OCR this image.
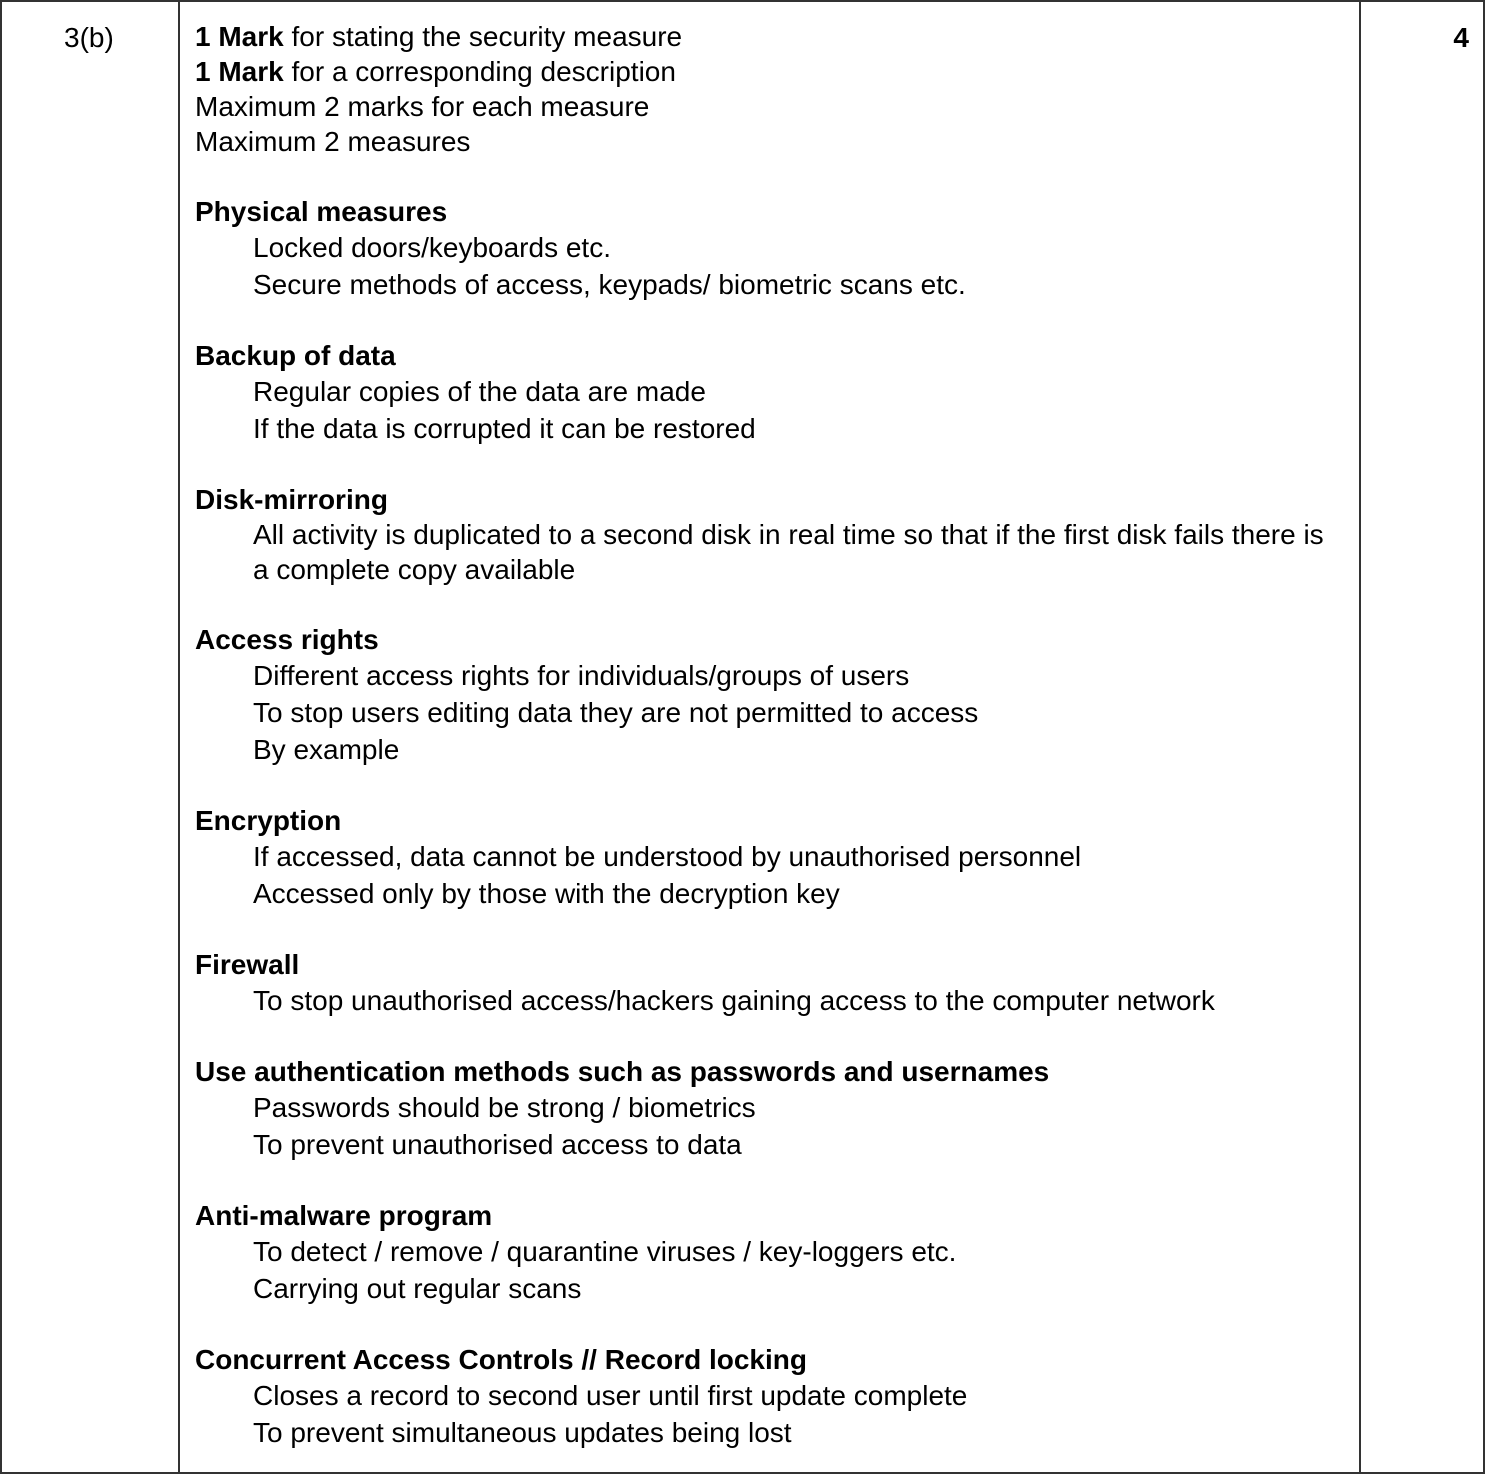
3(b)	1 Mark for stating the security measure

1 Mark for a corresponding description

Maximum 2 marks for each measure

Maximum 2 measures

Physical measures

Locked doors/keyboards etc.

Secure methods of access, keypads/ biometric scans etc.

Backup of data

Regular copies of the data are made

If the data is corrupted it can be restored

Disk-mirroring

All activity is duplicated to a second disk in real time so that if the first disk fails there is a complete copy available

Access rights

Different access rights for individuals/groups of users

To stop users editing data they are not permitted to access

By example

Encryption

If accessed, data cannot be understood by unauthorised personnel

Accessed only by those with the decryption key

Firewall

To stop unauthorised access/hackers gaining access to the computer network

Use authentication methods such as passwords and usernames

Passwords should be strong / biometrics

To prevent unauthorised access to data

Anti-malware program

To detect / remove / quarantine viruses / key-loggers etc.

Carrying out regular scans

Concurrent Access Controls // Record locking

Closes a record to second user until first update complete

To prevent simultaneous updates being lost

4
